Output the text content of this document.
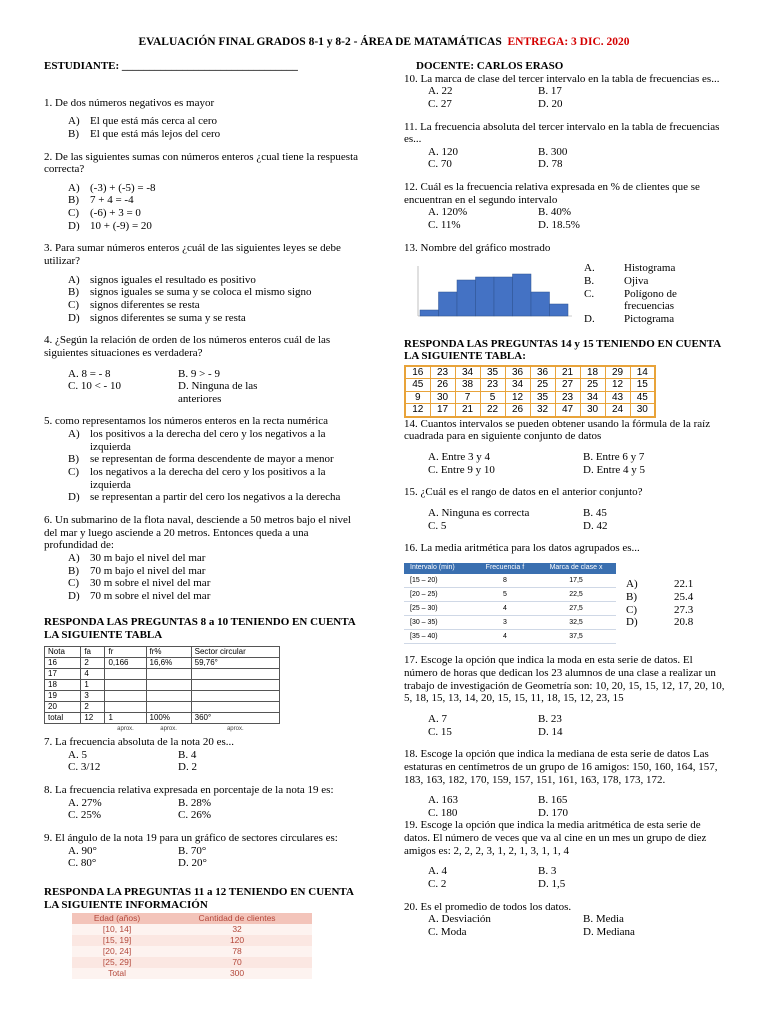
EVALUACIÓN FINAL GRADOS 8-1 y 8-2 - ÁREA DE MATAMÁTICAS ENTREGA: 3 DIC. 2020
ESTUDIANTE: ________________________________
1. De dos números negativos es mayor
A) El que está más cerca al cero
B)	El que está más lejos del cero
2. De las siguientes sumas con números enteros ¿cual tiene la respuesta correcta?
A) (-3) + (-5) = -8
B)	7 + 4 = -4
C)	(-6) + 3 = 0
D) 10 + (-9) = 20
3. Para sumar números enteros ¿cuál de las siguientes leyes se debe utilizar?
A) signos iguales el resultado es positivo
B)	signos iguales se suma y se coloca el mismo signo
C)	signos diferentes se resta
D) signos diferentes se suma y se resta
4. ¿Según la relación de orden de los números enteros cuál de las siguientes situaciones es verdadera?
A. 8 = - 8	B. 9 > - 9
C. 10 < - 10	D. Ninguna de las anteriores
5. como representamos los números enteros en la recta numérica
A) los positivos a la derecha del cero y los negativos a la izquierda
B)	se representan de forma descendente de mayor a menor
C)	los negativos a la derecha del cero y los positivos a la izquierda
D) se representan a partir del cero los negativos a la derecha
6. Un submarino de la flota naval, desciende a 50 metros bajo el nivel del mar y luego asciende a 20 metros. Entonces queda a una profundidad de:
A) 30 m bajo el nivel del mar
B)	70 m bajo el nivel del mar
C)	30 m sobre el nivel del mar
D) 70 m sobre el nivel del mar
RESPONDA LAS PREGUNTAS 8 a 10 TENIENDO EN CUENTA LA SIGUIENTE TABLA
Nota	fa	fr	fr%	Sector circular
16	2	0,166	16,6%	59,76°
17	4			
18	1			
19	3			
20	2			
total	12	1	100%	360°
		aprox.	aprox.	aprox.
7. La frecuencia absoluta de la nota 20 es...
A. 5	B. 4
C. 3/12	D. 2
8. La frecuencia relativa expresada en porcentaje de la nota 19 es:
A. 27%	B. 28%
C. 25%	C. 26%
9. El ángulo de la nota 19 para un gráfico de sectores circulares es:
A. 90°	B. 70°
C. 80°	D. 20°
RESPONDA LA PREGUNTAS 11 a 12 TENIENDO EN CUENTA LA SIGUIENTE INFORMACIÓN
Edad (años)	Cantidad de clientes
[10, 14]	32
[15, 19]	120
[20, 24]	78
[25, 29]	70
Total	300
DOCENTE: CARLOS ERASO
10. La marca de clase del tercer intervalo en la tabla de frecuencias es...
A. 22	B. 17
C. 27	D. 20
11. La frecuencia absoluta del tercer intervalo en la tabla de frecuencias es...
A. 120	B. 300
C. 70	D. 78
12. Cuál es la frecuencia relativa expresada en % de clientes que se encuentran en el segundo intervalo
A. 120%	B. 40%
C. 11%	D. 18.5%
13. Nombre del gráfico mostrado
A.	Histograma
B.	Ojiva
C.	Polígono de frecuencias
D.	Pictograma
RESPONDA LAS PREGUNTAS 14 y 15 TENIENDO EN CUENTA LA SIGUIENTE TABLA:
16	23	34	35	36	36	21	18	29	14
45	26	38	23	34	25	27	25	12	15
9	30	7	5	12	35	23	34	43	45
12	17	21	22	26	32	47	30	24	30
14. Cuantos intervalos se pueden obtener usando la fórmula de la raíz cuadrada para en siguiente conjunto de datos
A. Entre 3 y 4	B. Entre 6 y 7
C. Entre 9 y 10	D. Entre 4 y 5
15. ¿Cuál es el rango de datos en el anterior conjunto?
A. Ninguna es correcta	B. 45
C. 5	D. 42
16. La media aritmética para los datos agrupados es...
Intervalo (min)	Frecuencia f	Marca de clase x
[15 – 20)	8	17,5
[20 – 25)	5	22,5
[25 – 30)	4	27,5
[30 – 35)	3	32,5
[35 – 40)	4	37,5
A)	22.1
B)	25.4
C)	27.3
D)	20.8
17. Escoge la opción que indica la moda en esta serie de datos. El número de horas que dedican los 23 alumnos de una clase a realizar un trabajo de investigación de Geometría son: 10, 20, 15, 15, 12, 17, 20, 10, 5, 18, 15, 13, 14, 20, 15, 15, 11, 18, 15, 12, 23, 15
A. 7	B. 23
C. 15	D. 14
18. Escoge la opción que indica la mediana de esta serie de datos Las estaturas en centímetros de un grupo de 16 amigos: 150, 160, 164, 157, 183, 163, 182, 170, 159, 157, 151, 161, 163, 178, 173, 172.
A. 163	B. 165
C. 180	D. 170
19. Escoge la opción que indica la media aritmética de esta serie de datos. El número de veces que va al cine en un mes un grupo de diez amigos es: 2, 2, 2, 3, 1, 2, 1, 3, 1, 1, 4
A. 4	B. 3
C. 2	D. 1,5
20. Es el promedio de todos los datos.
A. Desviación	B. Media
C. Moda	D. Mediana
